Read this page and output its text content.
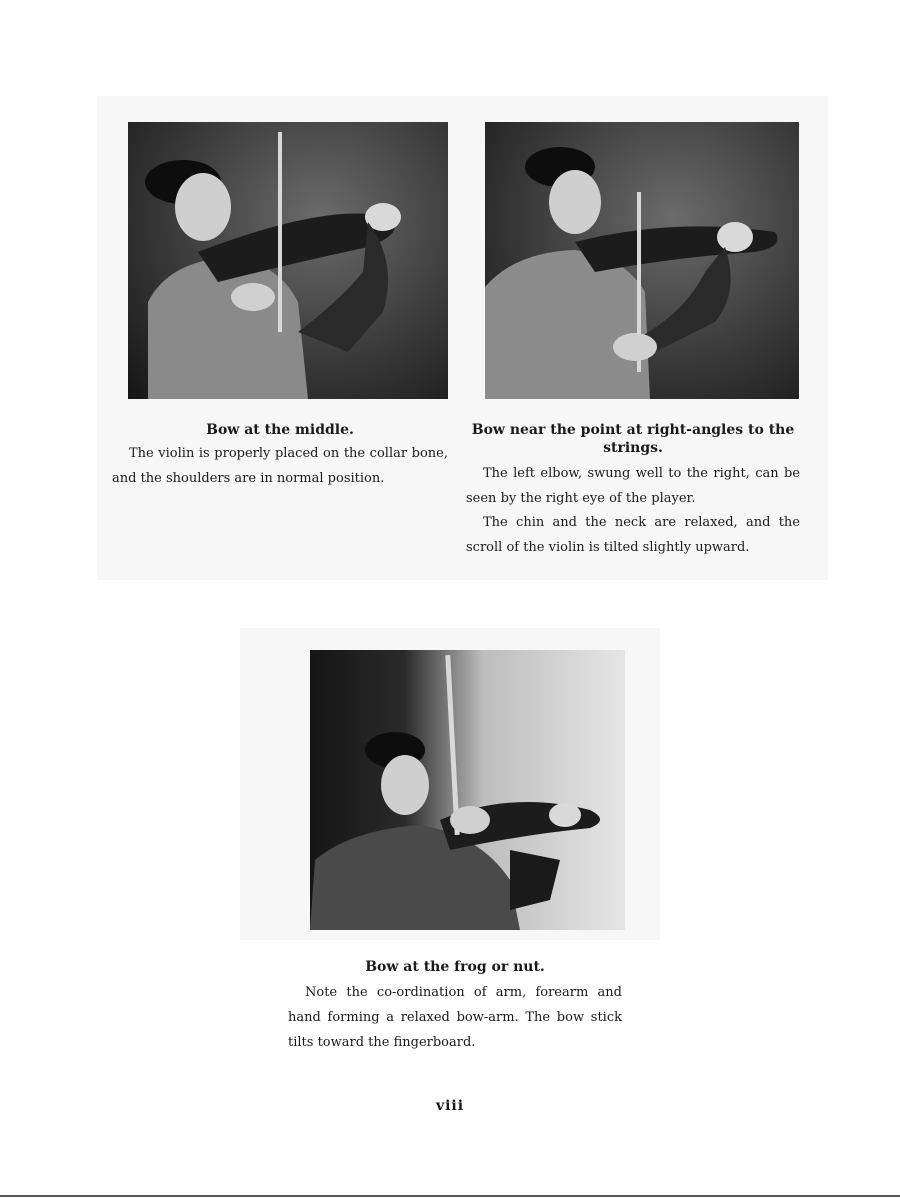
Bow at the middle.

The violin is properly placed on the collar bone, and the shoulders are in normal position.

Bow near the point at right-angles to the strings.

The left elbow, swung well to the right, can be seen by the right eye of the player.

The chin and the neck are relaxed, and the scroll of the violin is tilted slightly upward.

Bow at the frog or nut.

Note the co-ordination of arm, forearm and hand forming a relaxed bow-arm. The bow stick tilts toward the fingerboard.

viii
